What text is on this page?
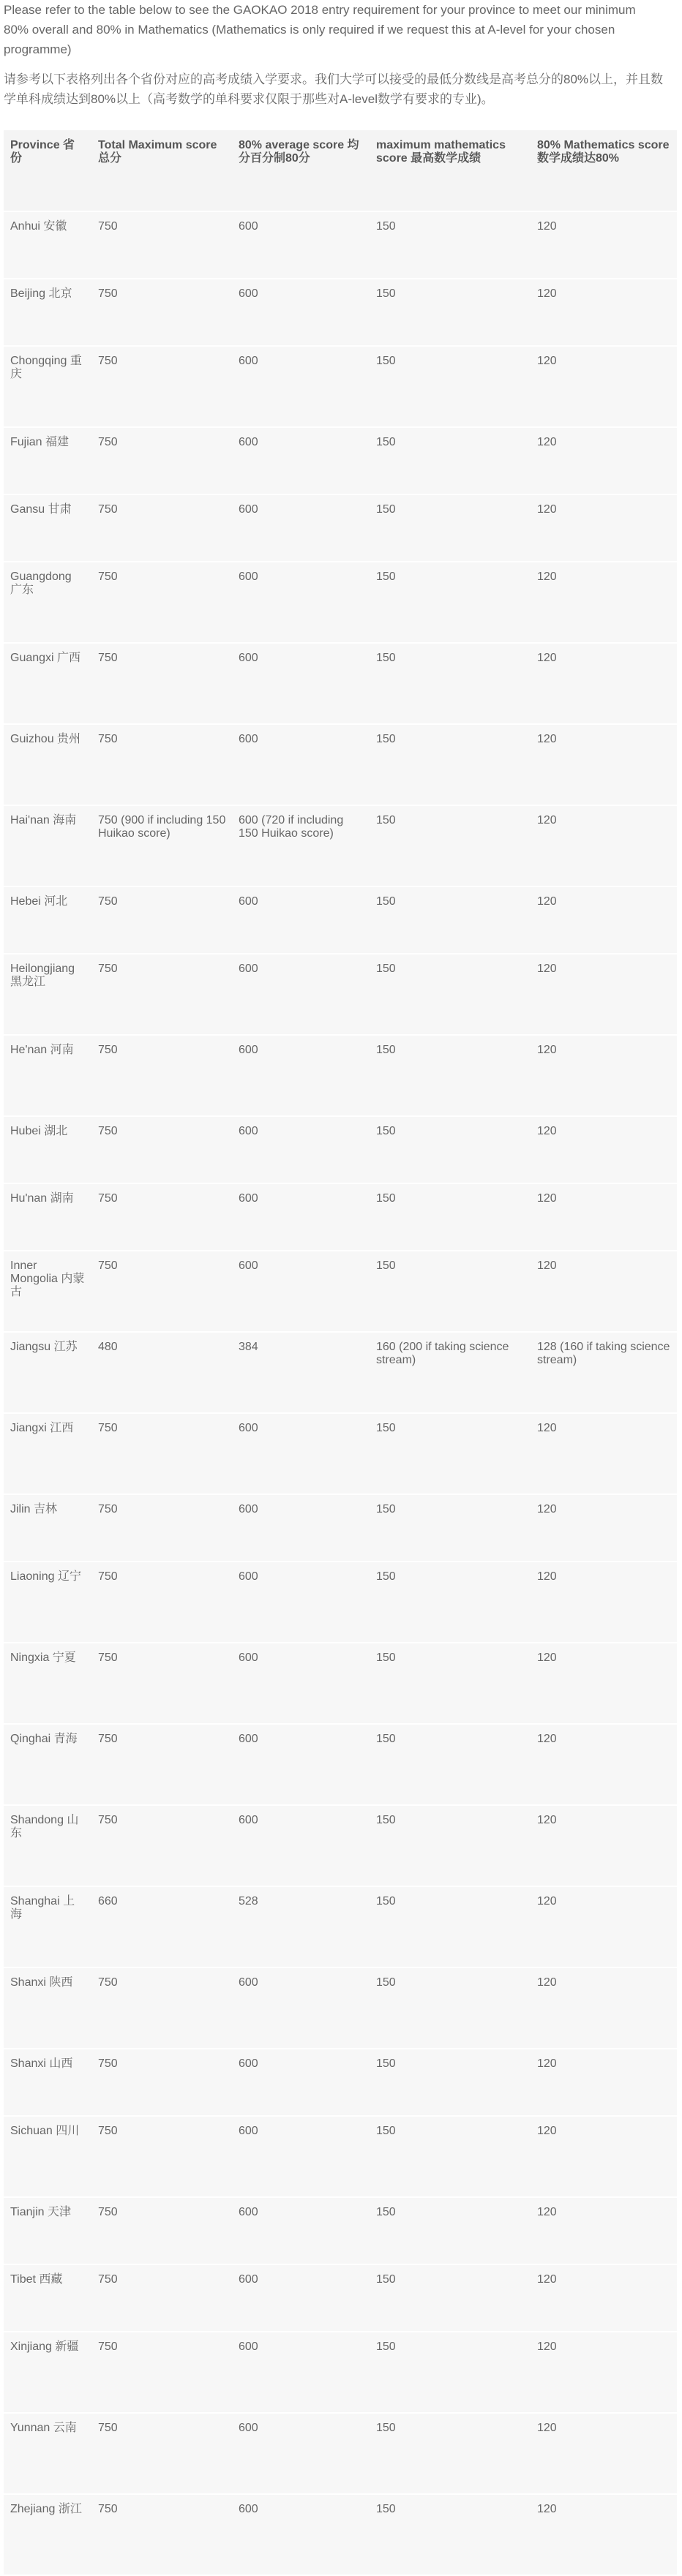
Please refer to the table below to see the GAOKAO 2018 entry requirement for your province to meet our minimum 80% overall and 80% in Mathematics (Mathematics is only required if we request this at A-level for your chosen programme)

请参考以下表格列出各个省份对应的高考成绩入学要求。我们大学可以接受的最低分数线是高考总分的80%以上，并且数学单科成绩达到80%以上（高考数学的单科要求仅限于那些对A-level数学有要求的专业)。

Province 省份	Total Maximum score 总分	80% average score 均分百分制80分	maximum mathematics score 最高数学成绩	80% Mathematics score 数学成绩达80%
Anhui 安徽	750	600	150	120
Beijing 北京	750	600	150	120
Chongqing 重庆	750	600	150	120
Fujian 福建	750	600	150	120
Gansu 甘肃	750	600	150	120
Guangdong 广东	750	600	150	120
Guangxi 广西	750	600	150	120
Guizhou 贵州	750	600	150	120
Hai'nan 海南	750 (900 if including 150 Huikao score)	600 (720 if including 150 Huikao score)	150	120
Hebei 河北	750	600	150	120
Heilongjiang 黑龙江	750	600	150	120
He'nan 河南	750	600	150	120
Hubei 湖北	750	600	150	120
Hu'nan 湖南	750	600	150	120
Inner Mongolia 内蒙古	750	600	150	120
Jiangsu 江苏	480	384	160 (200 if taking science stream)	128 (160 if taking science stream)
Jiangxi 江西	750	600	150	120
Jilin 吉林	750	600	150	120
Liaoning 辽宁	750	600	150	120
Ningxia 宁夏	750	600	150	120
Qinghai 青海	750	600	150	120
Shandong 山东	750	600	150	120
Shanghai 上海	660	528	150	120
Shanxi 陕西	750	600	150	120
Shanxi 山西	750	600	150	120
Sichuan 四川	750	600	150	120
Tianjin 天津	750	600	150	120
Tibet 西藏	750	600	150	120
Xinjiang 新疆	750	600	150	120
Yunnan 云南	750	600	150	120
Zhejiang 浙江	750	600	150	120
